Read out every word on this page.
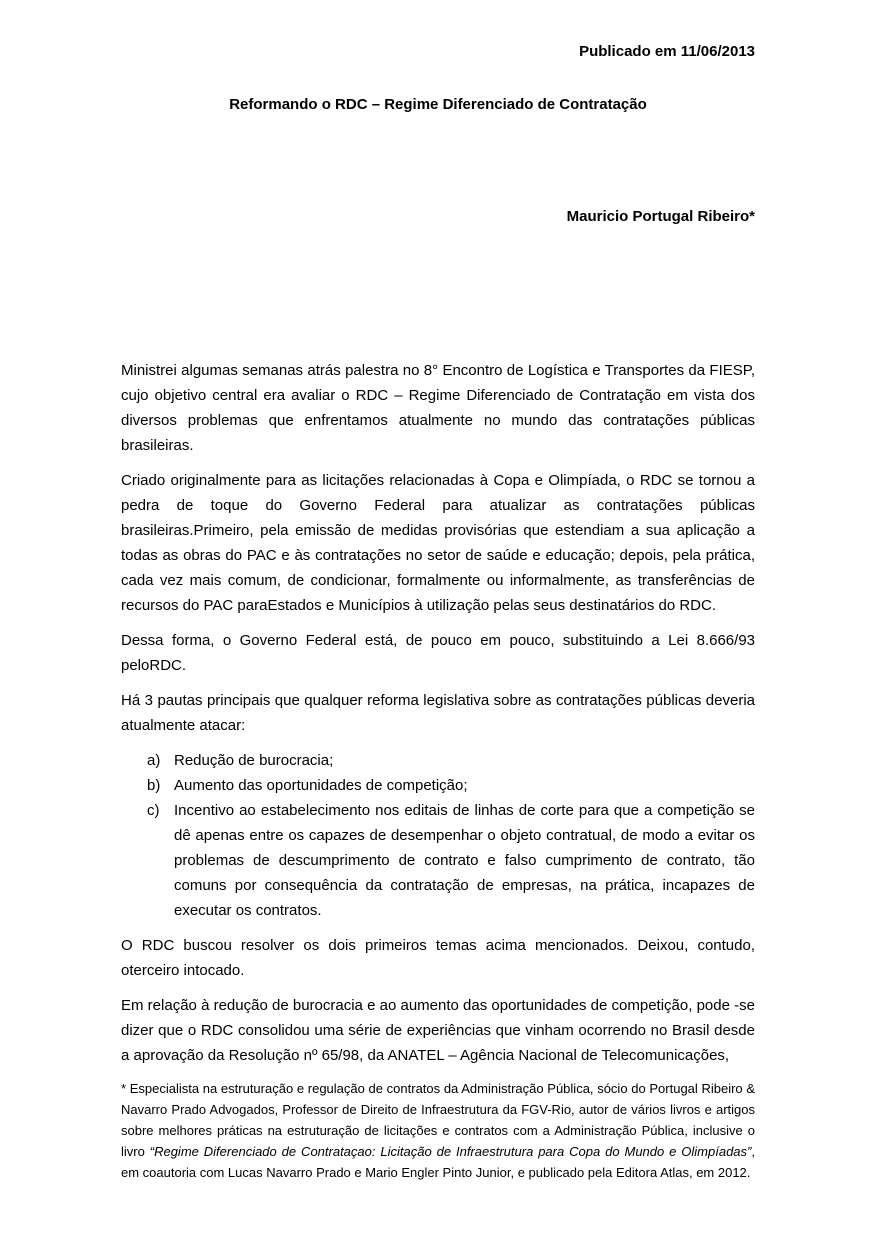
Publicado em 11/06/2013
Reformando o RDC – Regime Diferenciado de Contratação
Mauricio Portugal Ribeiro*

Ministrei algumas semanas atrás palestra no 8° Encontro de Logística e Transportes da FIESP, cujo objetivo central era avaliar o RDC – Regime Diferenciado de Contratação em vista dos diversos problemas que enfrentamos atualmente no mundo das contratações públicas brasileiras.

Criado originalmente para as licitações relacionadas à Copa e Olimpíada, o RDC se tornou a pedra de toque do Governo Federal para atualizar as contratações públicas brasileiras.Primeiro, pela emissão de medidas provisórias que estendiam a sua aplicação a todas as obras do PAC e às contratações no setor de saúde e educação; depois, pela prática, cada vez mais comum, de condicionar, formalmente ou informalmente, as transferências de recursos do PAC paraEstados e Municípios à utilização pelas seus destinatários do RDC.

Dessa forma, o Governo Federal está, de pouco em pouco, substituindo a Lei 8.666/93 peloRDC.

Há 3 pautas principais que qualquer reforma legislativa sobre as contratações públicas deveria atualmente atacar:

a) Redução de burocracia;
b) Aumento das oportunidades de competição;
c) Incentivo ao estabelecimento nos editais de linhas de corte para que a competição se dê apenas entre os capazes de desempenhar o objeto contratual, de modo a evitar os problemas de descumprimento de contrato e falso cumprimento de contrato, tão comuns por consequência da contratação de empresas, na prática, incapazes de executar os contratos.

O RDC buscou resolver os dois primeiros temas acima mencionados. Deixou, contudo, oterceiro intocado.

Em relação à redução de burocracia e ao aumento das oportunidades de competição, pode -se dizer que o RDC consolidou uma série de experiências que vinham ocorrendo no Brasil desde a aprovação da Resolução nº 65/98, da ANATEL – Agência Nacional de Telecomunicações,

* Especialista na estruturação e regulação de contratos da Administração Pública, sócio do Portugal Ribeiro & Navarro Prado Advogados, Professor de Direito de Infraestrutura da FGV-Rio, autor de vários livros e artigos sobre melhores práticas na estruturação de licitações e contratos com a Administração Pública, inclusive o livro “Regime Diferenciado de Contrataçao: Licitação de Infraestrutura para Copa do Mundo e Olimpíadas”, em coautoria com Lucas Navarro Prado e Mario Engler Pinto Junior, e publicado pela Editora Atlas, em 2012.
